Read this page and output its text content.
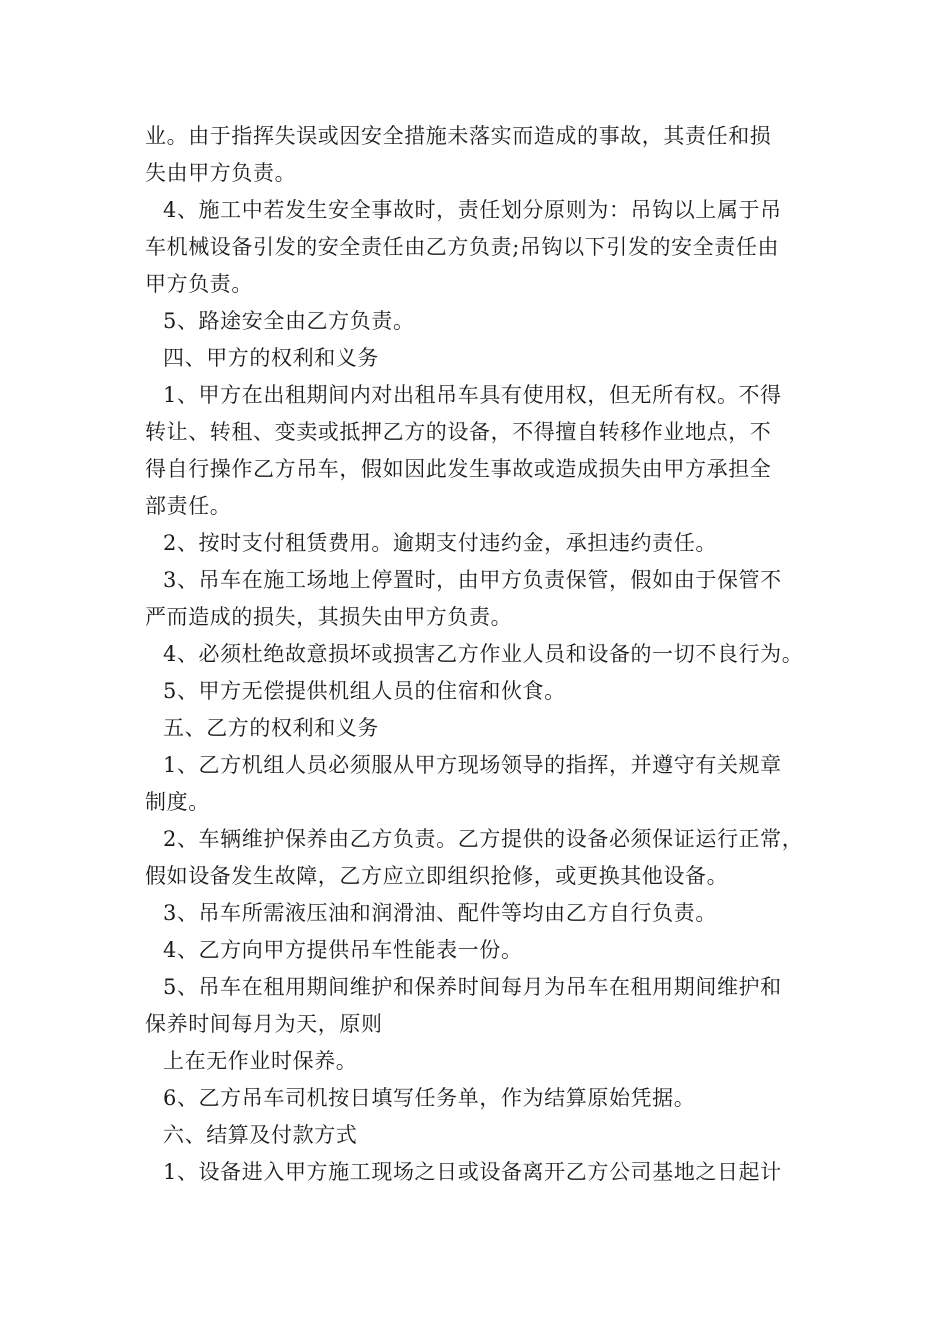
业。由于指挥失误或因安全措施未落实而造成的事故，其责任和损
失由甲方负责。
4、施工中若发生安全事故时，责任划分原则为：吊钩以上属于吊
车机械设备引发的安全责任由乙方负责;吊钩以下引发的安全责任由
甲方负责。
5、路途安全由乙方负责。
四、甲方的权利和义务
1、甲方在出租期间内对出租吊车具有使用权，但无所有权。不得
转让、转租、变卖或抵押乙方的设备，不得擅自转移作业地点，不
得自行操作乙方吊车，假如因此发生事故或造成损失由甲方承担全
部责任。
2、按时支付租赁费用。逾期支付违约金，承担违约责任。
3、吊车在施工场地上停置时，由甲方负责保管，假如由于保管不
严而造成的损失，其损失由甲方负责。
4、必须杜绝故意损坏或损害乙方作业人员和设备的一切不良行为。
5、甲方无偿提供机组人员的住宿和伙食。
五、乙方的权利和义务
1、乙方机组人员必须服从甲方现场领导的指挥，并遵守有关规章
制度。
2、车辆维护保养由乙方负责。乙方提供的设备必须保证运行正常，
假如设备发生故障，乙方应立即组织抢修，或更换其他设备。
3、吊车所需液压油和润滑油、配件等均由乙方自行负责。
4、乙方向甲方提供吊车性能表一份。
5、吊车在租用期间维护和保养时间每月为吊车在租用期间维护和
保养时间每月为天，原则
上在无作业时保养。
6、乙方吊车司机按日填写任务单，作为结算原始凭据。
六、结算及付款方式
1、设备进入甲方施工现场之日或设备离开乙方公司基地之日起计
